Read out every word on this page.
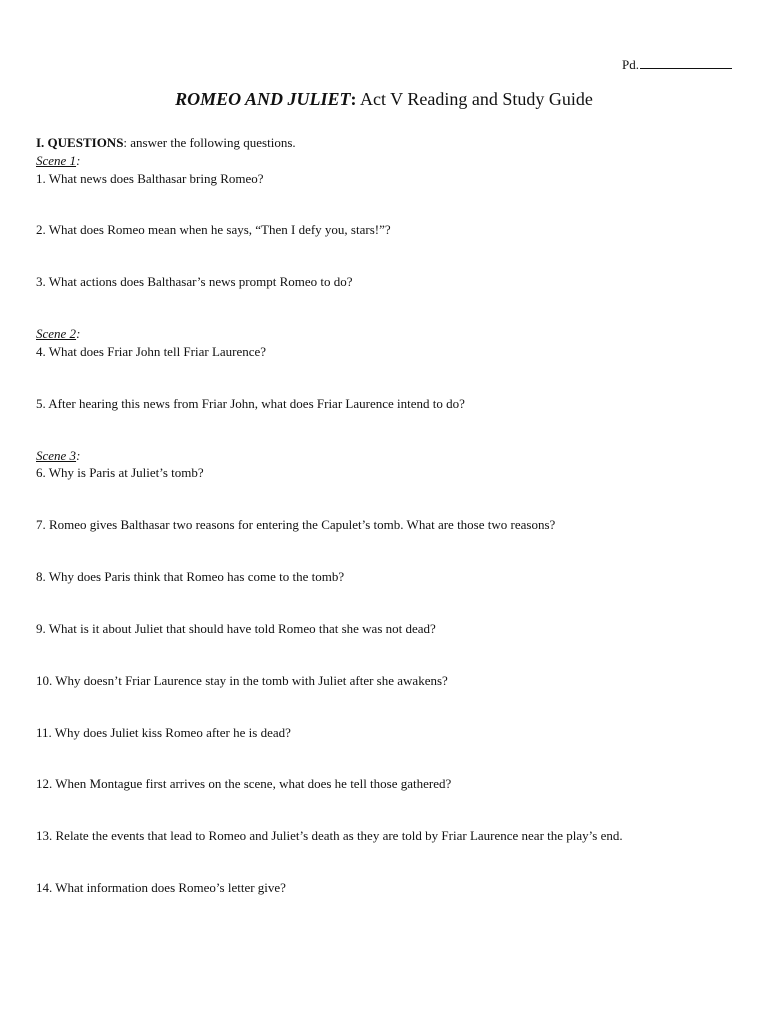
Pd.
ROMEO AND JULIET: Act V Reading and Study Guide
I. QUESTIONS: answer the following questions.
Scene 1:
1. What news does Balthasar bring Romeo?
2. What does Romeo mean when he says, “Then I defy you, stars!”?
3. What actions does Balthasar’s news prompt Romeo to do?
Scene 2:
4. What does Friar John tell Friar Laurence?
5. After hearing this news from Friar John, what does Friar Laurence intend to do?
Scene 3:
6. Why is Paris at Juliet’s tomb?
7. Romeo gives Balthasar two reasons for entering the Capulet’s tomb. What are those two reasons?
8. Why does Paris think that Romeo has come to the tomb?
9. What is it about Juliet that should have told Romeo that she was not dead?
10. Why doesn’t Friar Laurence stay in the tomb with Juliet after she awakens?
11. Why does Juliet kiss Romeo after he is dead?
12. When Montague first arrives on the scene, what does he tell those gathered?
13. Relate the events that lead to Romeo and Juliet’s death as they are told by Friar Laurence near the play’s end.
14. What information does Romeo’s letter give?
